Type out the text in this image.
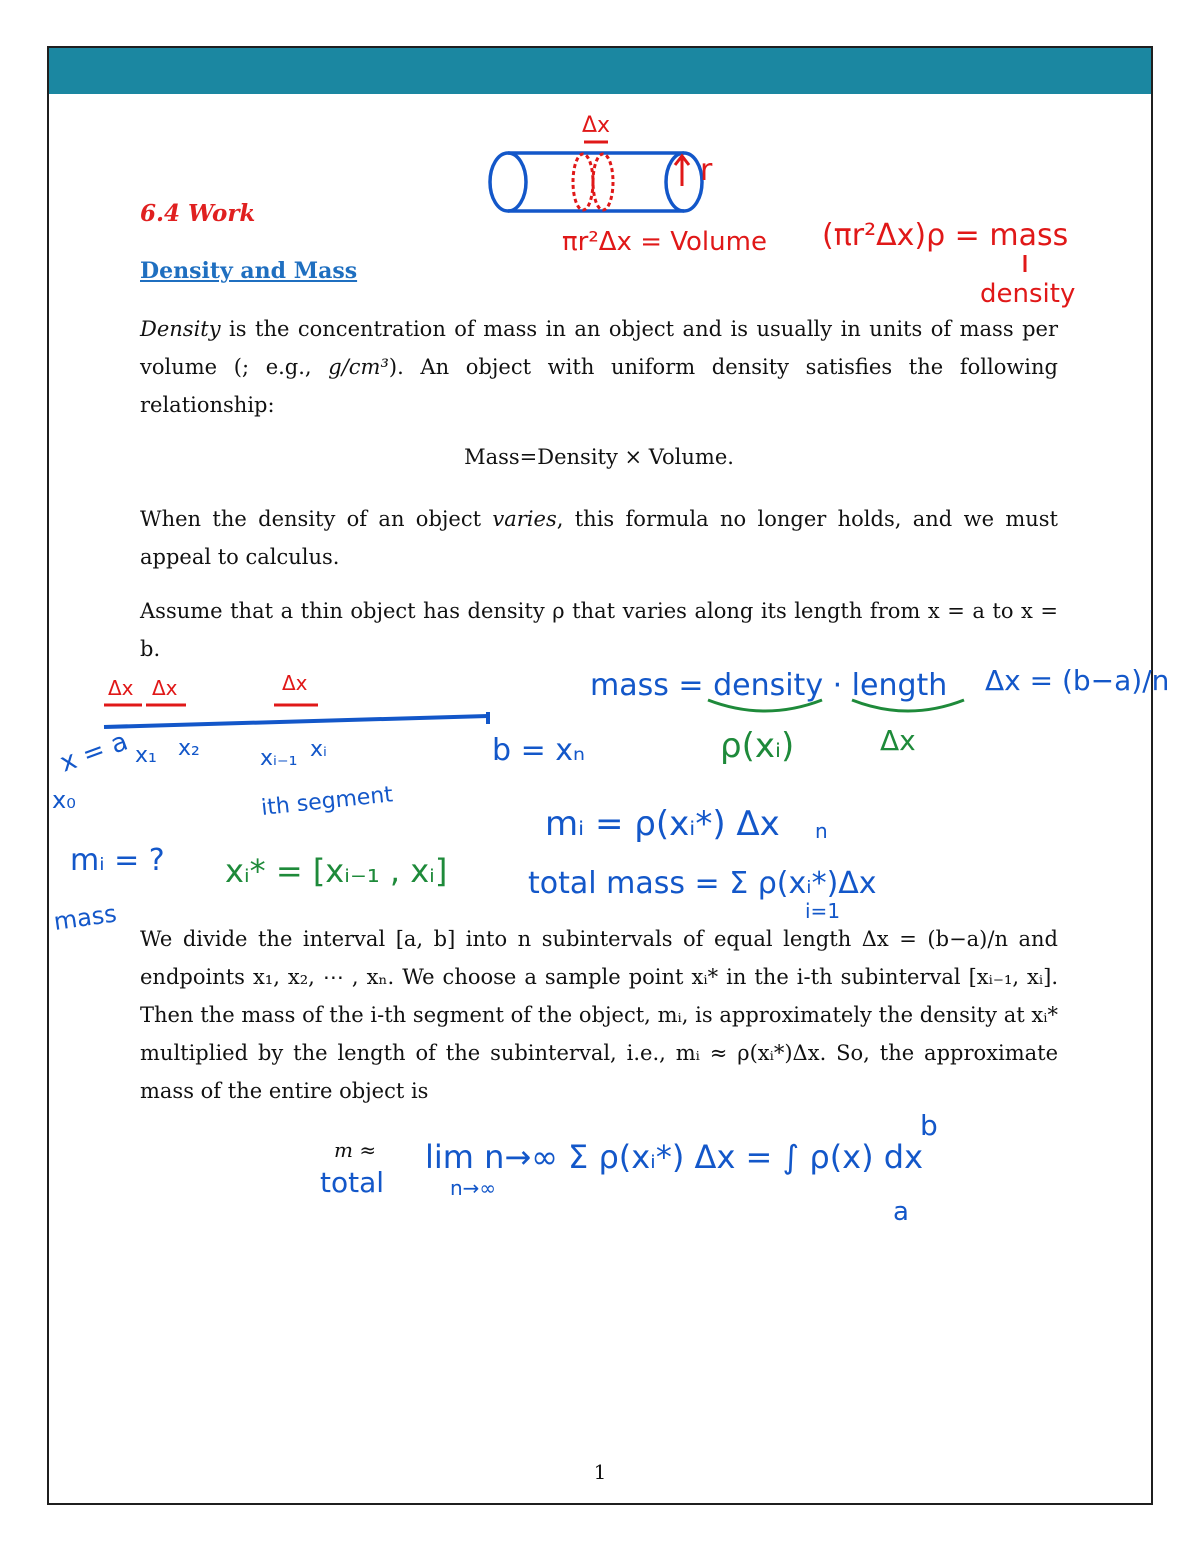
6.4 Work
Density and Mass
Density is the concentration of mass in an object and is usually in units of mass per volume (; e.g., g/cm³). An object with uniform density satisfies the following relationship:
Mass=Density × Volume.
When the density of an object varies, this formula no longer holds, and we must appeal to calculus.
Assume that a thin object has density ρ that varies along its length from x = a to x = b.
We divide the interval [a, b] into n subintervals of equal length Δx = (b−a)/n and endpoints x₁, x₂, ⋯ , xₙ. We choose a sample point xᵢ* in the i-th subinterval [xᵢ₋₁, xᵢ]. Then the mass of the i-th segment of the object, mᵢ, is approximately the density at xᵢ* multiplied by the length of the subinterval, i.e., mᵢ ≈ ρ(xᵢ*)Δx. So, the approximate mass of the entire object is
m ≈
1
Δx
r
πr²Δx = Volume (πr²Δx)ρ = mass
density
Δx Δx	Δx
x = a
x₀
x₁ x₂	xᵢ₋₁ xᵢ	b = xₙ
ith segment
mass = density · length Δx = (b−a)/n
mᵢ = ρ(xᵢ*) Δx
total mass = Σ ρ(xᵢ*)Δx
n
i=1
mᵢ = ?
mass
total
lim n→∞ Σ ρ(xᵢ*) Δx = ∫ ρ(x) dx
n→∞
b
a
ρ(xᵢ)	Δx
xᵢ* = [xᵢ₋₁ , xᵢ]
